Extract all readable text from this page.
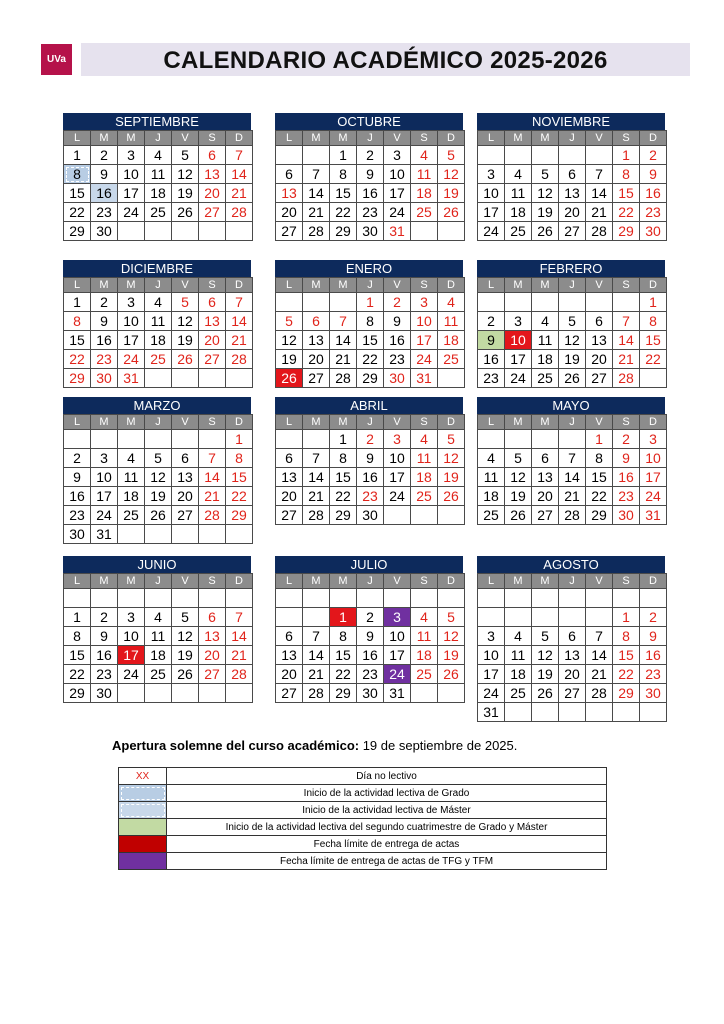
UVa	CALENDARIO ACADÉMICO 2025-2026
SEPTIEMBRE
L	M	M	J	V	S	D
1	2	3	4	5	6	7
8	9	10	11	12	13	14
15	16	17	18	19	20	21
22	23	24	25	26	27	28
29	30					
OCTUBRE
L	M	M	J	V	S	D
		1	2	3	4	5
6	7	8	9	10	11	12
13	14	15	16	17	18	19
20	21	22	23	24	25	26
27	28	29	30	31		
NOVIEMBRE
L	M	M	J	V	S	D
					1	2
3	4	5	6	7	8	9
10	11	12	13	14	15	16
17	18	19	20	21	22	23
24	25	26	27	28	29	30
DICIEMBRE
L	M	M	J	V	S	D
1	2	3	4	5	6	7
8	9	10	11	12	13	14
15	16	17	18	19	20	21
22	23	24	25	26	27	28
29	30	31				
ENERO
L	M	M	J	V	S	D
			1	2	3	4
5	6	7	8	9	10	11
12	13	14	15	16	17	18
19	20	21	22	23	24	25
26	27	28	29	30	31	
FEBRERO
L	M	M	J	V	S	D
						1
2	3	4	5	6	7	8
9	10	11	12	13	14	15
16	17	18	19	20	21	22
23	24	25	26	27	28	
MARZO
L	M	M	J	V	S	D
						1
2	3	4	5	6	7	8
9	10	11	12	13	14	15
16	17	18	19	20	21	22
23	24	25	26	27	28	29
30	31					
ABRIL
L	M	M	J	V	S	D
		1	2	3	4	5
6	7	8	9	10	11	12
13	14	15	16	17	18	19
20	21	22	23	24	25	26
27	28	29	30			
MAYO
L	M	M	J	V	S	D
				1	2	3
4	5	6	7	8	9	10
11	12	13	14	15	16	17
18	19	20	21	22	23	24
25	26	27	28	29	30	31
JUNIO
L	M	M	J	V	S	D

1	2	3	4	5	6	7
8	9	10	11	12	13	14
15	16	17	18	19	20	21
22	23	24	25	26	27	28
29	30					
JULIO
L	M	M	J	V	S	D

		1	2	3	4	5
6	7	8	9	10	11	12
13	14	15	16	17	18	19
20	21	22	23	24	25	26
27	28	29	30	31		
AGOSTO
L	M	M	J	V	S	D

					1	2
3	4	5	6	7	8	9
10	11	12	13	14	15	16
17	18	19	20	21	22	23
24	25	26	27	28	29	30
31						
Apertura solemne del curso académico: 19 de septiembre de 2025.
XX	Día no lectivo
	Inicio de la actividad lectiva de Grado
	Inicio de la actividad lectiva de Máster
	Inicio de la actividad lectiva del segundo cuatrimestre de Grado y Máster
	Fecha límite de entrega de actas
	Fecha límite de entrega de actas de TFG y TFM
